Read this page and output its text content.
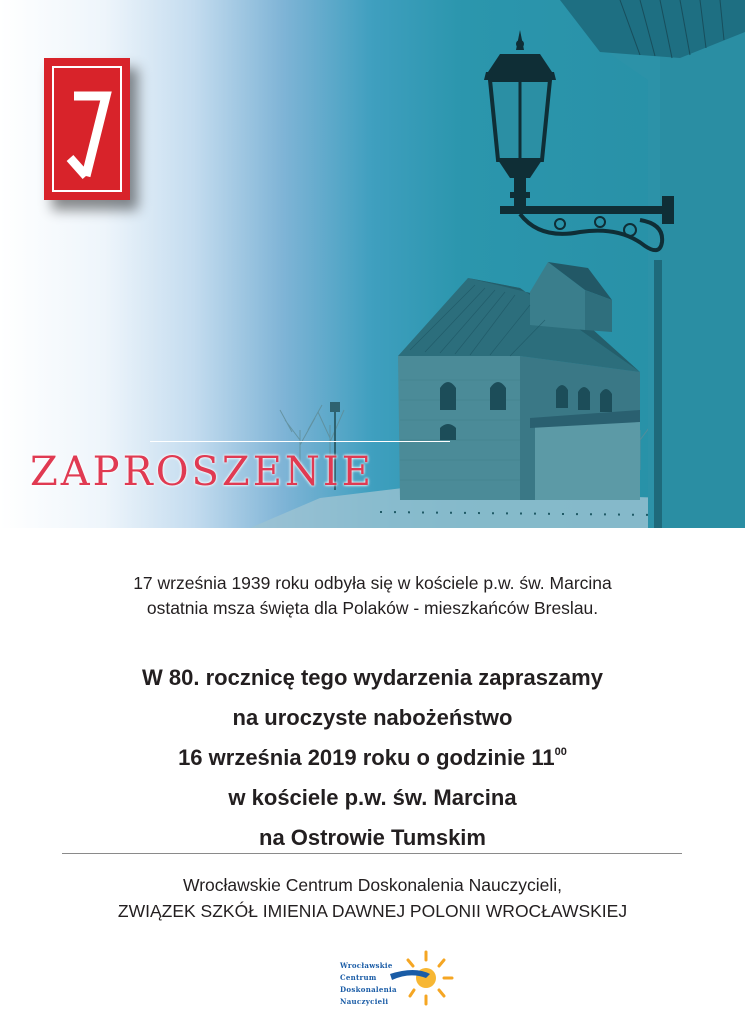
ZAPROSZENIE
17 września 1939 roku odbyła się w kościele p.w. św. Marcina
ostatnia msza święta dla Polaków - mieszkańców Breslau.
W 80. rocznicę tego wydarzenia zapraszamy
na uroczyste nabożeństwo
16 września 2019 roku o godzinie $11^{00}$
w kościele p.w. św. Marcina
na Ostrowie Tumskim
Wrocławskie Centrum Doskonalenia Nauczycieli,
ZWIĄZEK SZKÓŁ IMIENIA DAWNEJ POLONII WROCŁAWSKIEJ
Wrocławskie
Centrum
Doskonalenia
Nauczycieli
